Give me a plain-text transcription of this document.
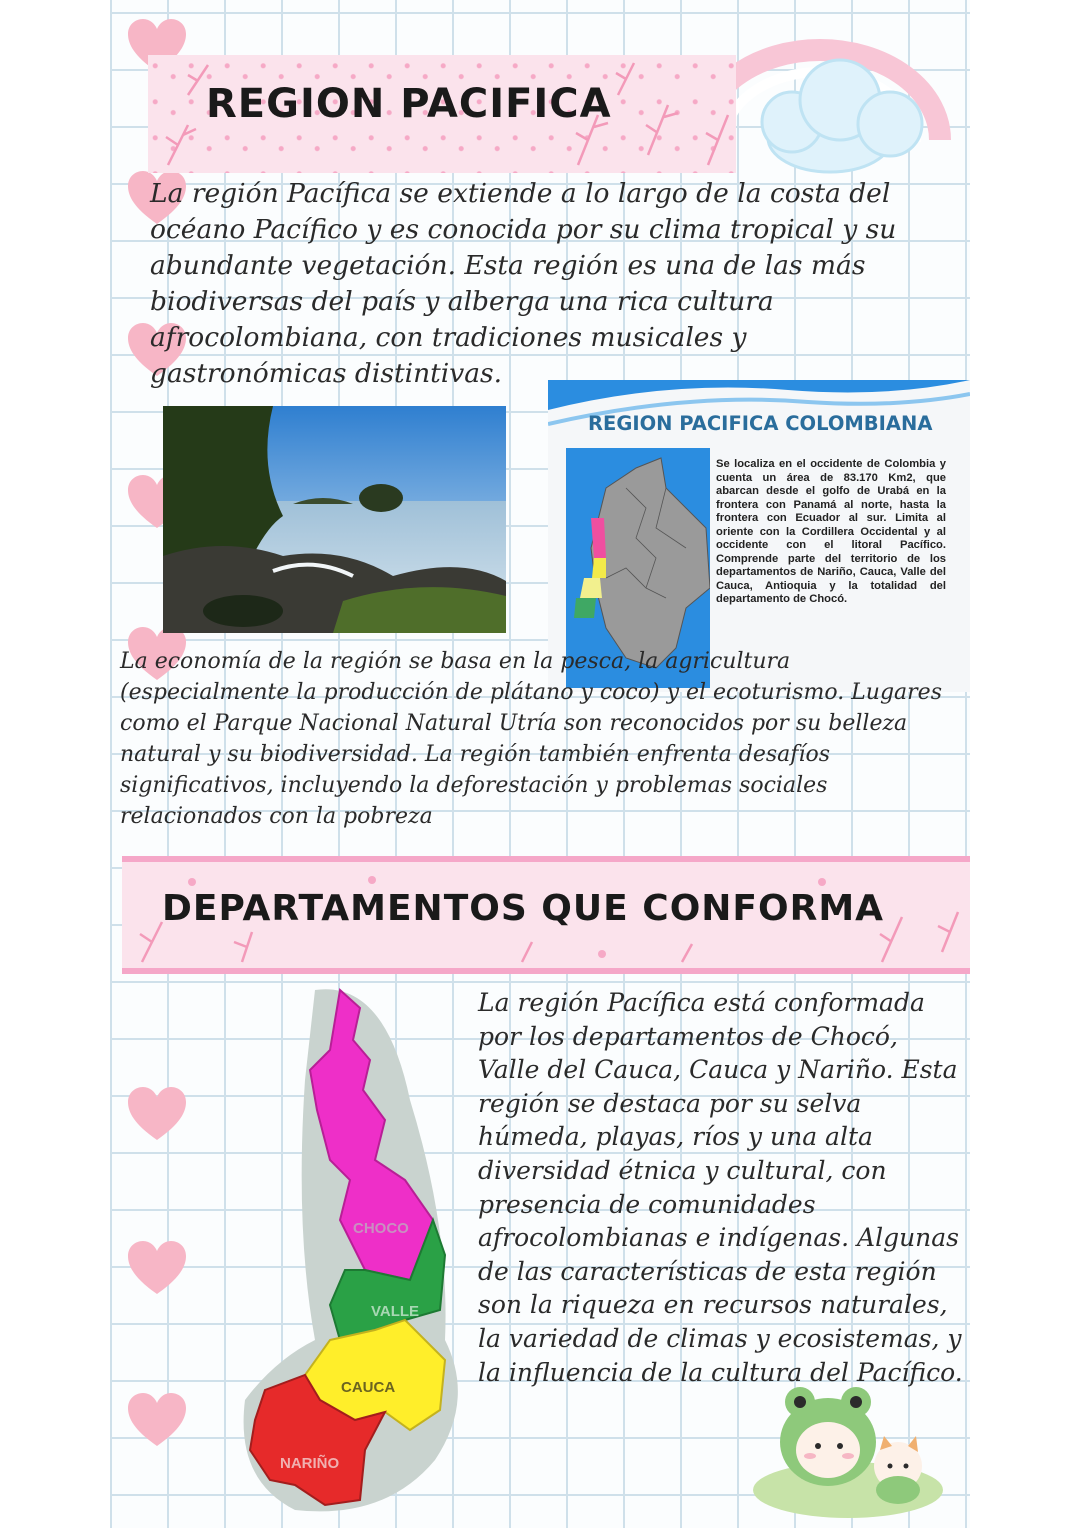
REGION PACIFICA
La región Pacífica se extiende a lo largo de la costa del océano Pacífico y es conocida por su clima tropical y su abundante vegetación. Esta región es una de las más biodiversas del país y alberga una rica cultura afrocolombiana, con tradiciones musicales y gastronómicas distintivas.
REGION PACIFICA COLOMBIANA
Se localiza en el occidente de Colombia y cuenta un área de 83.170 Km2, que abarcan desde el golfo de Urabá en la frontera con Panamá al norte, hasta la frontera con Ecuador al sur. Limita al oriente con la Cordillera Occidental y al occidente con el litoral Pacífico. Comprende parte del territorio de los departamentos de Nariño, Cauca, Valle del Cauca, Antioquia y la totalidad del departamento de Chocó.
La economía de la región se basa en la pesca, la agricultura (especialmente la producción de plátano y coco) y el ecoturismo. Lugares como el Parque Nacional Natural Utría son reconocidos por su belleza natural y su biodiversidad. La región también enfrenta desafíos significativos, incluyendo la deforestación y problemas sociales relacionados con la pobreza
DEPARTAMENTOS QUE CONFORMA
CHOCO
VALLE
CAUCA
NARIÑO
La región Pacífica está conformada por los departamentos de Chocó, Valle del Cauca, Cauca y Nariño. Esta región se destaca por su selva húmeda, playas, ríos y una alta diversidad étnica y cultural, con presencia de comunidades afrocolombianas e indígenas. Algunas de las características de esta región son la riqueza en recursos naturales, la variedad de climas y ecosistemas, y la influencia de la cultura del Pacífico.
